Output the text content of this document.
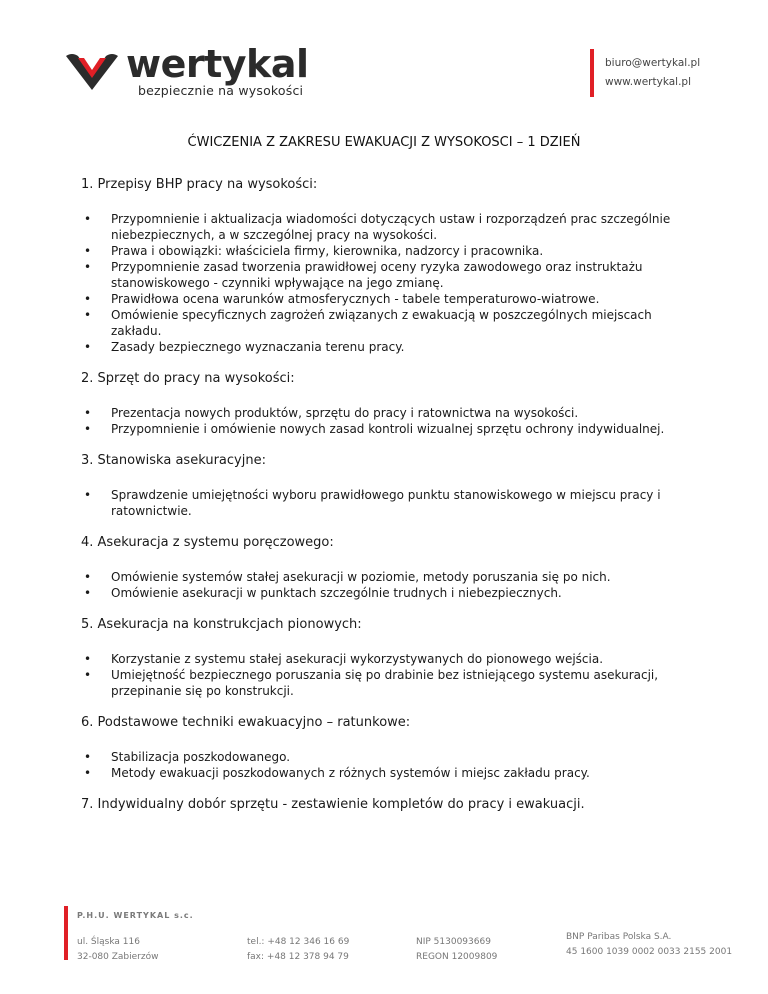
wertykal
bezpiecznie na wysokości
biuro@wertykal.pl
www.wertykal.pl
ĆWICZENIA Z ZAKRESU EWAKUACJI Z WYSOKOSCI – 1 DZIEŃ

1. Przepisy BHP pracy na wysokości:

• Przypomnienie i aktualizacja wiadomości dotyczących ustaw i rozporządzeń prac szczególnie niebezpiecznych, a w szczególnej pracy na wysokości.
• Prawa i obowiązki: właściciela firmy, kierownika, nadzorcy i pracownika.
• Przypomnienie zasad tworzenia prawidłowej oceny ryzyka zawodowego oraz instruktażu stanowiskowego - czynniki wpływające na jego zmianę.
• Prawidłowa ocena warunków atmosferycznych - tabele temperaturowo-wiatrowe.
• Omówienie specyficznych zagrożeń związanych z ewakuacją w poszczególnych miejscach zakładu.
• Zasady bezpiecznego wyznaczania terenu pracy.

2. Sprzęt do pracy na wysokości:

• Prezentacja nowych produktów, sprzętu do pracy i ratownictwa na wysokości.
• Przypomnienie i omówienie nowych zasad kontroli wizualnej sprzętu ochrony indywidualnej.

3. Stanowiska asekuracyjne:

• Sprawdzenie umiejętności wyboru prawidłowego punktu stanowiskowego w miejscu pracy i ratownictwie.

4. Asekuracja z systemu poręczowego:

• Omówienie systemów stałej asekuracji w poziomie, metody poruszania się po nich.
• Omówienie asekuracji w punktach szczególnie trudnych i niebezpiecznych.

5. Asekuracja na konstrukcjach pionowych:

• Korzystanie z systemu stałej asekuracji wykorzystywanych do pionowego wejścia.
• Umiejętność bezpiecznego poruszania się po drabinie bez istniejącego systemu asekuracji, przepinanie się po konstrukcji.

6. Podstawowe techniki ewakuacyjno – ratunkowe:

• Stabilizacja poszkodowanego.
• Metody ewakuacji poszkodowanych z różnych systemów i miejsc zakładu pracy.

7. Indywidualny dobór sprzętu - zestawienie kompletów do pracy i ewakuacji.

P.H.U. WERTYKAL s.c.
ul. Śląska 116
32-080 Zabierzów
tel.: +48 12 346 16 69
fax: +48 12 378 94 79
NIP 5130093669
REGON 12009809
BNP Paribas Polska S.A.
45 1600 1039 0002 0033 2155 2001
